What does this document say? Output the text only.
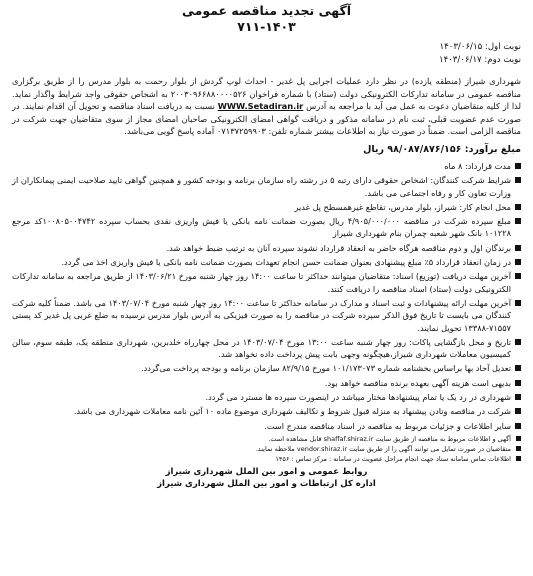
آگهی تجدید مناقصه عمومی
۷۱۱-۱۴۰۳
نوبت اول: ۱۴۰۳/۰۶/۱۵
نوبت دوم: ۱۴۰۳/۰۶/۱۷
شهرداری شیراز (منطقه یازده) در نظر دارد عملیات اجرایی پل غدیر - احداث لوپ گردش از بلوار رحمت به بلوار مدرس را از طریق برگزاری مناقصه عمومی در سامانه تدارکات الکترونیکی دولت (ستاد) با شماره فراخوان ۲۰۰۳۰۹۶۶۸۸۰۰۰۰۵۲۶ به اشخاص حقوقی واجد شرایط واگذار نماید. لذا از کلیه متقاضیان دعوت به عمل می آید با مراجعه به آدرس WWW.Setadiran.ir نسبت به دریافت اسناد مناقصه و تحویل آن اقدام نمایند. در صورت عدم عضویت قبلی، ثبت نام در سامانه مذکور و دریافت گواهی امضای الکترونیکی صاحبان امضای مجاز از سوی متقاضیان جهت شرکت در مناقصه الزامی است. ضمناً در صورت نیاز به اطلاعات بیشتر شماره تلفن: ۰۷۱۳۷۲۵۹۹۰۳ آماده پاسخ گویی می‌باشد.
مبلغ برآورد: ۹۸/۰۸۷/۸۷۶/۱۵۶ ریال
مدت قرارداد: ۸ ماه
شرایط شرکت کنندگان: اشخاص حقوقی دارای رتبه ۵ در رشته راه سازمان برنامه و بودجه کشور و همچنین گواهی تایید صلاحیت ایمنی پیمانکاران از وزارت تعاون کار و رفاه اجتماعی می باشد.
محل انجام کار: شیراز، بلوار مدرس، تقاطع غیرهمسطح پل غدیر
مبلغ سپرده شرکت در مناقصه ۴/۹۰۵/۰۰۰/۰۰۰ ریال بصورت ضمانت نامه بانکی یا فیش واریزی نقدی بحساب سپرده ۱۰۰۸۰۵۰۰۴۷۴۲کد مرجع ۱۰۱۲۲۸ بانک شهر شعبه چمران بنام شهرداری شیراز
برندگان اول و دوم مناقصه هرگاه حاضر به انعقاد قرارداد نشوند سپرده آنان به ترتیب ضبط خواهد شد.
در زمان انعقاد قرارداد ۵٪ مبلغ پیشنهادی بعنوان ضمانت حسن انجام تعهدات بصورت ضمانت نامه بانکی یا فیش واریزی اخذ می گردد.
آخرین مهلت دریافت (توزیع) اسناد: متقاضیان میتوانند حداکثر تا ساعت ۱۴:۰۰ روز چهار شنبه مورخ ۱۴۰۳/۰۶/۲۱ از طریق مراجعه به سامانه تدارکات الکترونیکی دولت (ستاد) اسناد مناقصه را دریافت کنند.
آخرین مهلت ارائه پیشنهادات و ثبت اسناد و مدارک در سامانه حداکثر تا ساعت ۱۴:۰۰ روز چهار شنبه مورخ ۱۴۰۳/۰۷/۰۴ می باشد. ضمناً کلیه شرکت کنندگان می بایست تا تاریخ فوق الذکر سپرده شرکت در مناقصه را به صورت فیزیکی به آدرس بلوار مدرس نرسیده به ضلع غربی پل غدیر کد پستی ۷۱۵۵۷-۱۳۳۸۸ تحویل نمایند.
تاریخ و محل بازگشایی پاکات: روز چهار شنبه ساعت ۱۳:۰۰ مورخ ۱۴۰۳/۰۷/۰۴ در محل چهارراه خلدبرین، شهرداری منطقه یک، طبقه سوم، سالن کمیسیون معاملات شهرداری شیراز،هیچگونه وجهی بابت پیش پرداخت داده نخواهد شد.
تعدیل آحاد بها براساس بخشنامه شماره ۱۰۱/۱۷۳۰۷۳ مورخ ۸۲/۹/۱۵ سازمان برنامه و بودجه پرداخت می‌گردد.
بدیهی است هزینه آگهی بعهده برنده مناقصه خواهد بود.
شهرداری در رد یک یا تمام پیشنهادها مختار میباشد در اینصورت سپرده ها مسترد می گردد.
شرکت در مناقصه وتادن پیشنهاد به منزله قبول شروط و تکالیف شهرداری موضوع ماده ۱۰ آئین نامه معاملات شهرداری می باشد.
سایر اطلاعات و جزئیات مربوط به مناقصه در اسناد مناقصه مندرج است.
آگهی و اطلاعات مربوط به مناقصه از طریق سایت shaffaf.shiraz.ir قابل مشاهده است.
متقاضیان در صورت تمایل می توانند آگهی را از طریق سایت vendor.shiraz.ir ملاحظه نمایند.
اطلاعات تماس سامانه ستاد جهت انجام مراحل عضویت در سامانه : مرکز تماس : ۱۴۵۶
روابط عمومی و امور بین الملل شهرداری شیراز
اداره کل ارتباطات و امور بین الملل شهرداری شیراز
